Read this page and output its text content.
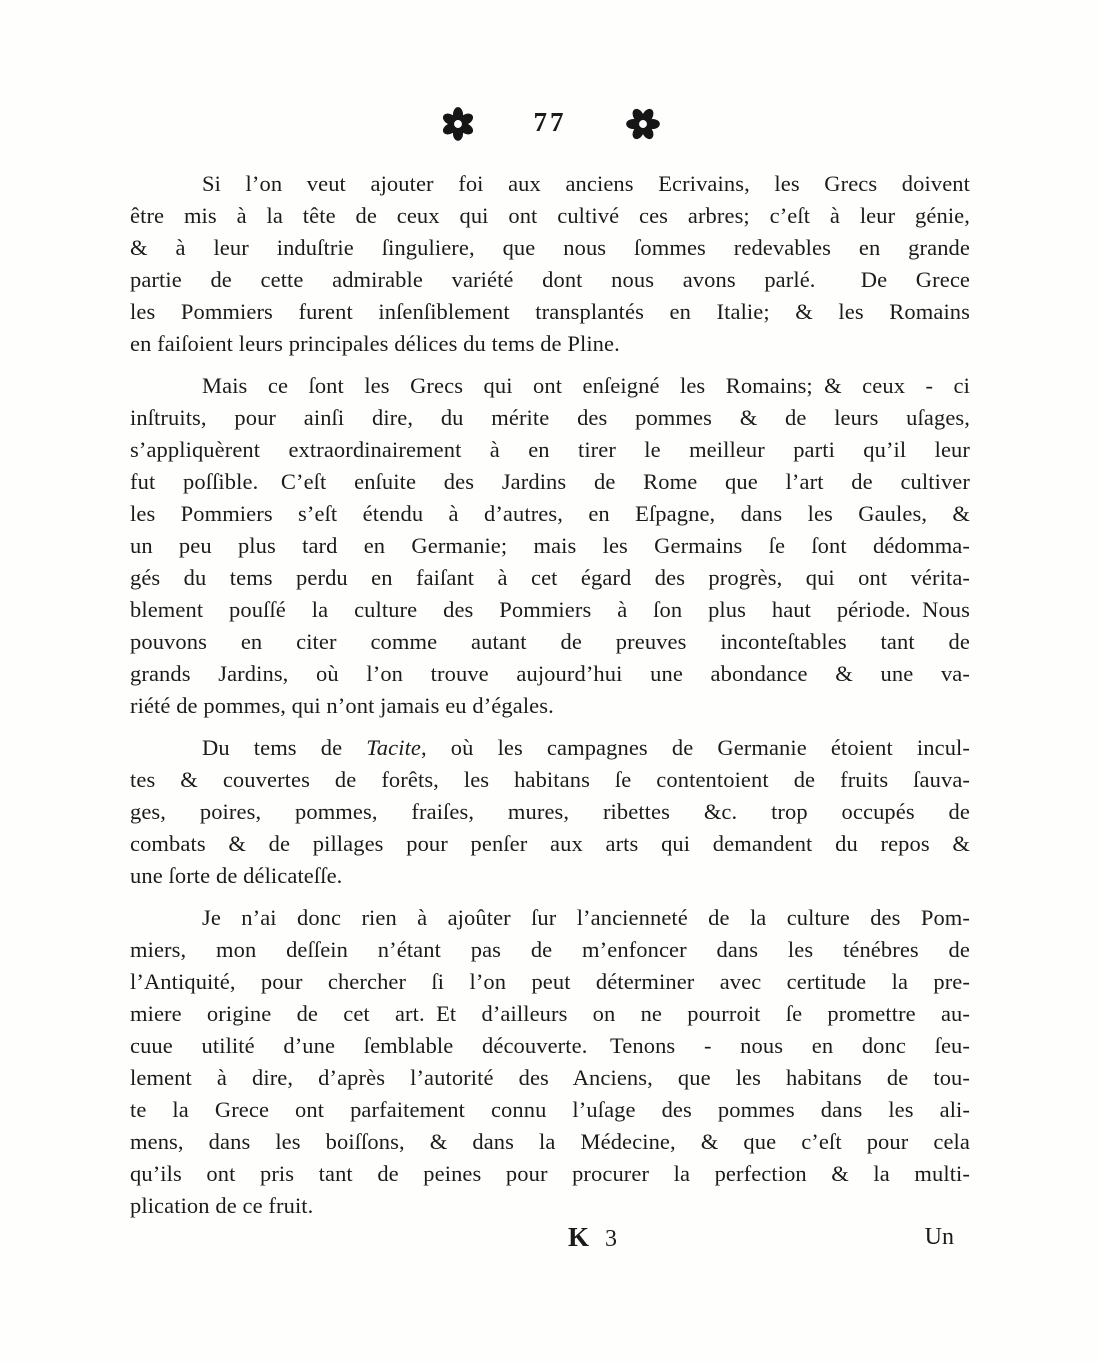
77
Si l’on veut ajouter foi aux anciens Ecrivains, les Grecs doivent
être mis à la tête de ceux qui ont cultivé ces arbres; c’eſt à leur génie,
& à leur induſtrie ſinguliere, que nous ſommes redevables en grande
partie de cette admirable variété dont nous avons parlé.  De Grece
les Pommiers furent inſenſiblement transplantés en Italie; & les Romains
en faiſoient leurs principales délices du tems de Pline.
Mais ce ſont les Grecs qui ont enſeigné les Romains; & ceux - ci
inſtruits, pour ainſi dire, du mérite des pommes & de leurs uſages,
s’appliquèrent extraordinairement à en tirer le meilleur parti qu’il leur
fut poſſible. C’eſt enſuite des Jardins de Rome que l’art de cultiver
les Pommiers s’eſt étendu à d’autres, en Eſpagne, dans les Gaules, &
un peu plus tard en Germanie; mais les Germains ſe ſont dédomma-
gés du tems perdu en faiſant à cet égard des progrès, qui ont vérita-
blement pouſſé la culture des Pommiers à ſon plus haut période. Nous
pouvons en citer comme autant de preuves inconteſtables tant de
grands Jardins, où l’on trouve aujourd’hui une abondance & une va-
riété de pommes, qui n’ont jamais eu d’égales.
Du tems de Tacite, où les campagnes de Germanie étoient incul-
tes & couvertes de forêts, les habitans ſe contentoient de fruits ſauva-
ges, poires, pommes, fraiſes, mures, ribettes &c. trop occupés de
combats & de pillages pour penſer aux arts qui demandent du repos &
une ſorte de délicateſſe.
Je n’ai donc rien à ajoûter ſur l’ancienneté de la culture des Pom-
miers, mon deſſein n’étant pas de m’enfoncer dans les ténébres de
l’Antiquité, pour chercher ſi l’on peut déterminer avec certitude la pre-
miere origine de cet art. Et d’ailleurs on ne pourroit ſe promettre au-
cuue utilité d’une ſemblable découverte. Tenons - nous en donc ſeu-
lement à dire, d’après l’autorité des Anciens, que les habitans de tou-
te la Grece ont parfaitement connu l’uſage des pommes dans les ali-
mens, dans les boiſſons, & dans la Médecine, & que c’eſt pour cela
qu’ils ont pris tant de peines pour procurer la perfection & la multi-
plication de ce fruit.
K 3	Un
